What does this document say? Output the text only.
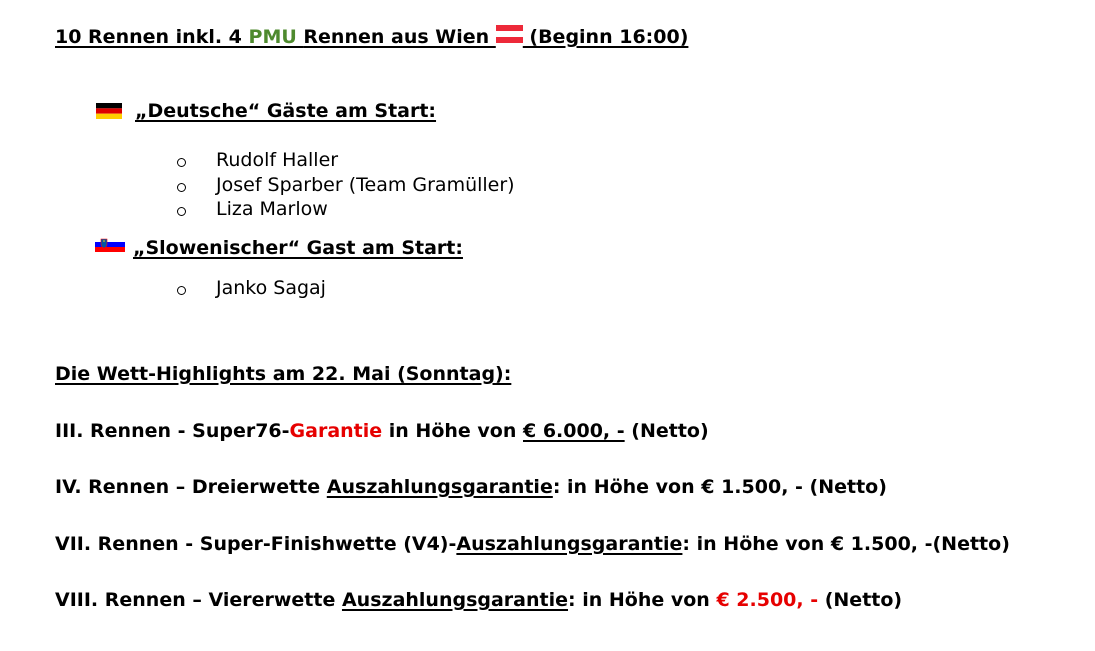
10 Rennen inkl. 4 PMU Rennen aus Wien  (Beginn 16:00)
„Deutsche“ Gäste am Start:
Rudolf Haller
Josef Sparber (Team Gramüller)
Liza Marlow
„Slowenischer“ Gast am Start:
Janko Sagaj
Die Wett-Highlights am 22. Mai (Sonntag):
III. Rennen - Super76-Garantie in Höhe von € 6.000, - (Netto)
IV. Rennen – Dreierwette Auszahlungsgarantie: in Höhe von € 1.500, - (Netto)
VII. Rennen - Super-Finishwette (V4)-Auszahlungsgarantie: in Höhe von € 1.500, -(Netto)
VIII. Rennen – Viererwette Auszahlungsgarantie: in Höhe von € 2.500, - (Netto)
